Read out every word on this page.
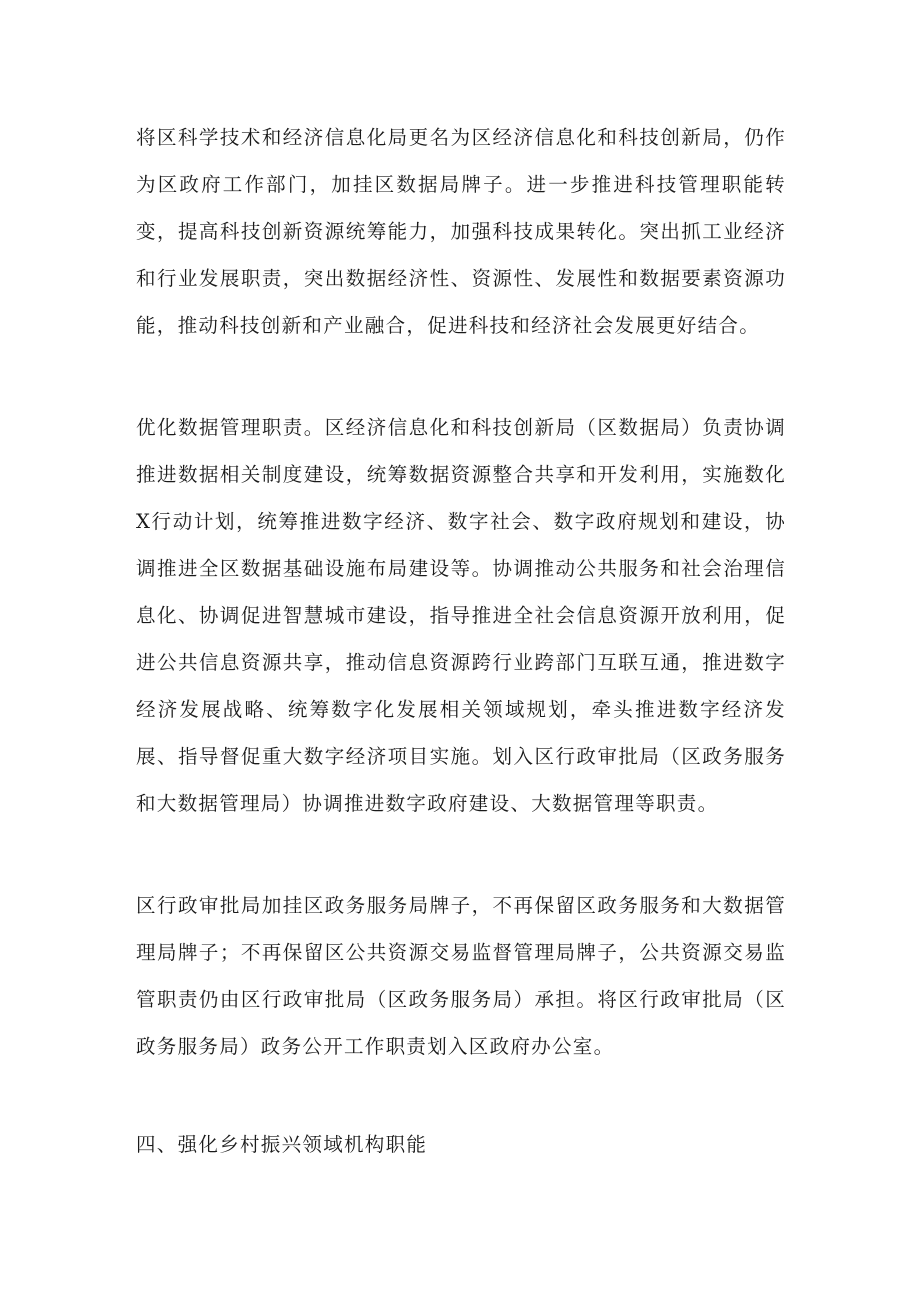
将区科学技术和经济信息化局更名为区经济信息化和科技创新局，仍作为区政府工作部门，加挂区数据局牌子。进一步推进科技管理职能转变，提高科技创新资源统筹能力，加强科技成果转化。突出抓工业经济和行业发展职责，突出数据经济性、资源性、发展性和数据要素资源功能，推动科技创新和产业融合，促进科技和经济社会发展更好结合。

优化数据管理职责。区经济信息化和科技创新局（区数据局）负责协调推进数据相关制度建设，统筹数据资源整合共享和开发利用，实施数化X行动计划，统筹推进数字经济、数字社会、数字政府规划和建设，协调推进全区数据基础设施布局建设等。协调推动公共服务和社会治理信息化、协调促进智慧城市建设，指导推进全社会信息资源开放利用，促进公共信息资源共享，推动信息资源跨行业跨部门互联互通，推进数字经济发展战略、统筹数字化发展相关领域规划，牵头推进数字经济发展、指导督促重大数字经济项目实施。划入区行政审批局（区政务服务和大数据管理局）协调推进数字政府建设、大数据管理等职责。

区行政审批局加挂区政务服务局牌子，不再保留区政务服务和大数据管理局牌子；不再保留区公共资源交易监督管理局牌子，公共资源交易监管职责仍由区行政审批局（区政务服务局）承担。将区行政审批局（区政务服务局）政务公开工作职责划入区政府办公室。

四、强化乡村振兴领域机构职能
